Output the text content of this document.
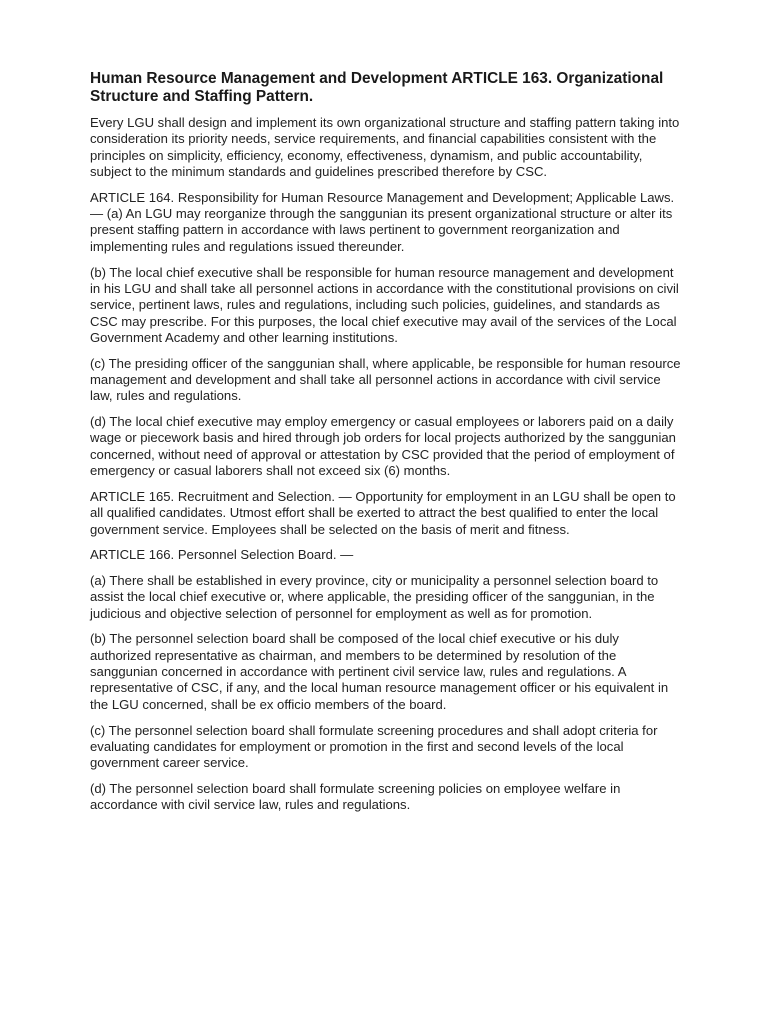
Human Resource Management and Development ARTICLE 163. Organizational Structure and Staffing Pattern.

Every LGU shall design and implement its own organizational structure and staffing pattern taking into consideration its priority needs, service requirements, and financial capabilities consistent with the principles on simplicity, efficiency, economy, effectiveness, dynamism, and public accountability, subject to the minimum standards and guidelines prescribed therefore by CSC.

ARTICLE 164. Responsibility for Human Resource Management and Development; Applicable Laws. — (a) An LGU may reorganize through the sanggunian its present organizational structure or alter its present staffing pattern in accordance with laws pertinent to government reorganization and implementing rules and regulations issued thereunder.

(b) The local chief executive shall be responsible for human resource management and development in his LGU and shall take all personnel actions in accordance with the constitutional provisions on civil service, pertinent laws, rules and regulations, including such policies, guidelines, and standards as CSC may prescribe. For this purposes, the local chief executive may avail of the services of the Local Government Academy and other learning institutions.

(c) The presiding officer of the sanggunian shall, where applicable, be responsible for human resource management and development and shall take all personnel actions in accordance with civil service law, rules and regulations.

(d) The local chief executive may employ emergency or casual employees or laborers paid on a daily wage or piecework basis and hired through job orders for local projects authorized by the sanggunian concerned, without need of approval or attestation by CSC provided that the period of employment of emergency or casual laborers shall not exceed six (6) months.

ARTICLE 165. Recruitment and Selection. — Opportunity for employment in an LGU shall be open to all qualified candidates. Utmost effort shall be exerted to attract the best qualified to enter the local government service. Employees shall be selected on the basis of merit and fitness.

ARTICLE 166. Personnel Selection Board. —

(a) There shall be established in every province, city or municipality a personnel selection board to assist the local chief executive or, where applicable, the presiding officer of the sanggunian, in the judicious and objective selection of personnel for employment as well as for promotion.

(b) The personnel selection board shall be composed of the local chief executive or his duly authorized representative as chairman, and members to be determined by resolution of the sanggunian concerned in accordance with pertinent civil service law, rules and regulations. A representative of CSC, if any, and the local human resource management officer or his equivalent in the LGU concerned, shall be ex officio members of the board.

(c) The personnel selection board shall formulate screening procedures and shall adopt criteria for evaluating candidates for employment or promotion in the first and second levels of the local government career service.

(d) The personnel selection board shall formulate screening policies on employee welfare in accordance with civil service law, rules and regulations.
